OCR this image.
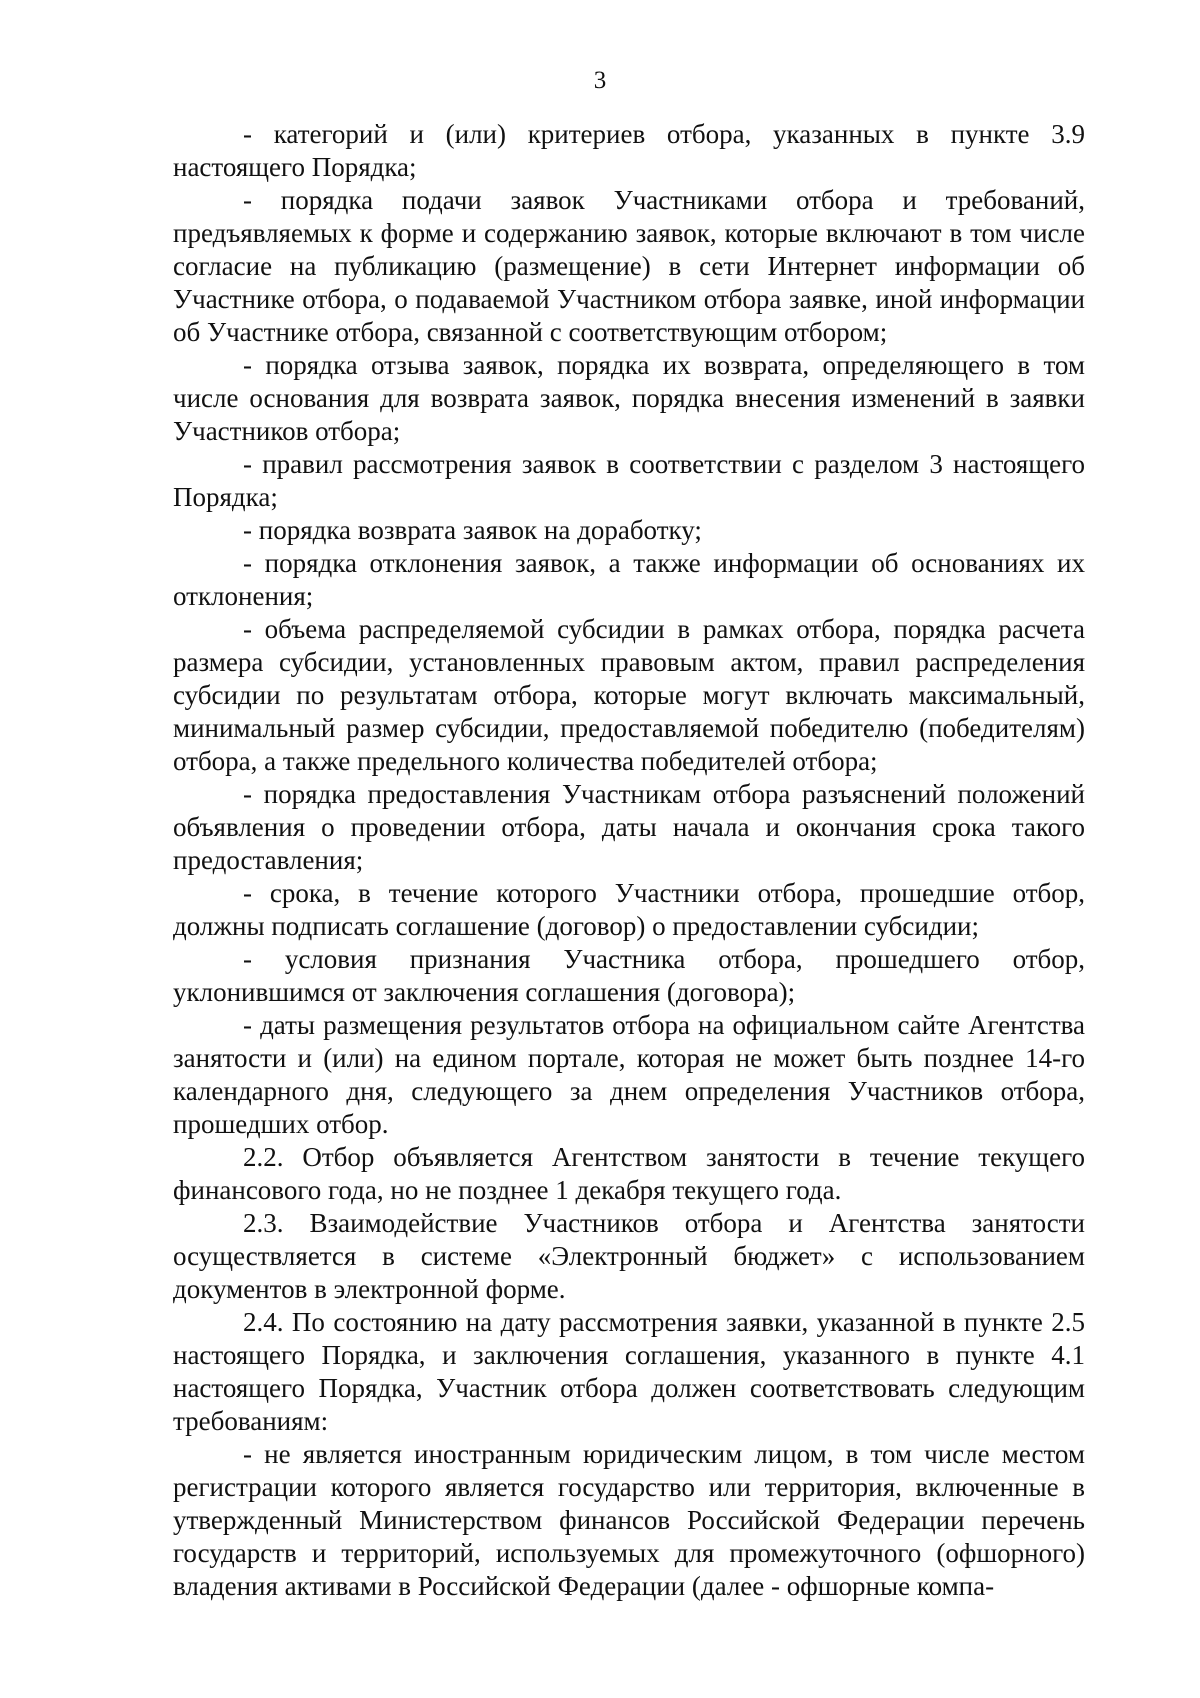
3

- категорий и (или) критериев отбора, указанных в пункте 3.9 настоящего Порядка;

- порядка подачи заявок Участниками отбора и требований, предъявляемых к форме и содержанию заявок, которые включают в том числе согласие на публикацию (размещение) в сети Интернет информации об Участнике отбора, о подаваемой Участником отбора заявке, иной информации об Участнике отбора, связанной с соответствующим отбором;

- порядка отзыва заявок, порядка их возврата, определяющего в том числе основания для возврата заявок, порядка внесения изменений в заявки Участников отбора;

- правил рассмотрения заявок в соответствии с разделом 3 настоящего Порядка;

- порядка возврата заявок на доработку;

- порядка отклонения заявок, а также информации об основаниях их отклонения;

- объема распределяемой субсидии в рамках отбора, порядка расчета размера субсидии, установленных правовым актом, правил распределения субсидии по результатам отбора, которые могут включать максимальный, минимальный размер субсидии, предоставляемой победителю (победителям) отбора, а также предельного количества победителей отбора;

- порядка предоставления Участникам отбора разъяснений положений объявления о проведении отбора, даты начала и окончания срока такого предоставления;

- срока, в течение которого Участники отбора, прошедшие отбор, должны подписать соглашение (договор) о предоставлении субсидии;

- условия признания Участника отбора, прошедшего отбор, уклонившимся от заключения соглашения (договора);

- даты размещения результатов отбора на официальном сайте Агентства занятости и (или) на едином портале, которая не может быть позднее 14-го календарного дня, следующего за днем определения Участников отбора, прошедших отбор.

2.2. Отбор объявляется Агентством занятости в течение текущего финансового года, но не позднее 1 декабря текущего года.

2.3. Взаимодействие Участников отбора и Агентства занятости осуществляется в системе «Электронный бюджет» с использованием документов в электронной форме.

2.4. По состоянию на дату рассмотрения заявки, указанной в пункте 2.5 настоящего Порядка, и заключения соглашения, указанного в пункте 4.1 настоящего Порядка, Участник отбора должен соответствовать следующим требованиям:

- не является иностранным юридическим лицом, в том числе местом регистрации которого является государство или территория, включенные в утвержденный Министерством финансов Российской Федерации перечень государств и территорий, используемых для промежуточного (офшорного) владения активами в Российской Федерации (далее - офшорные компа-
